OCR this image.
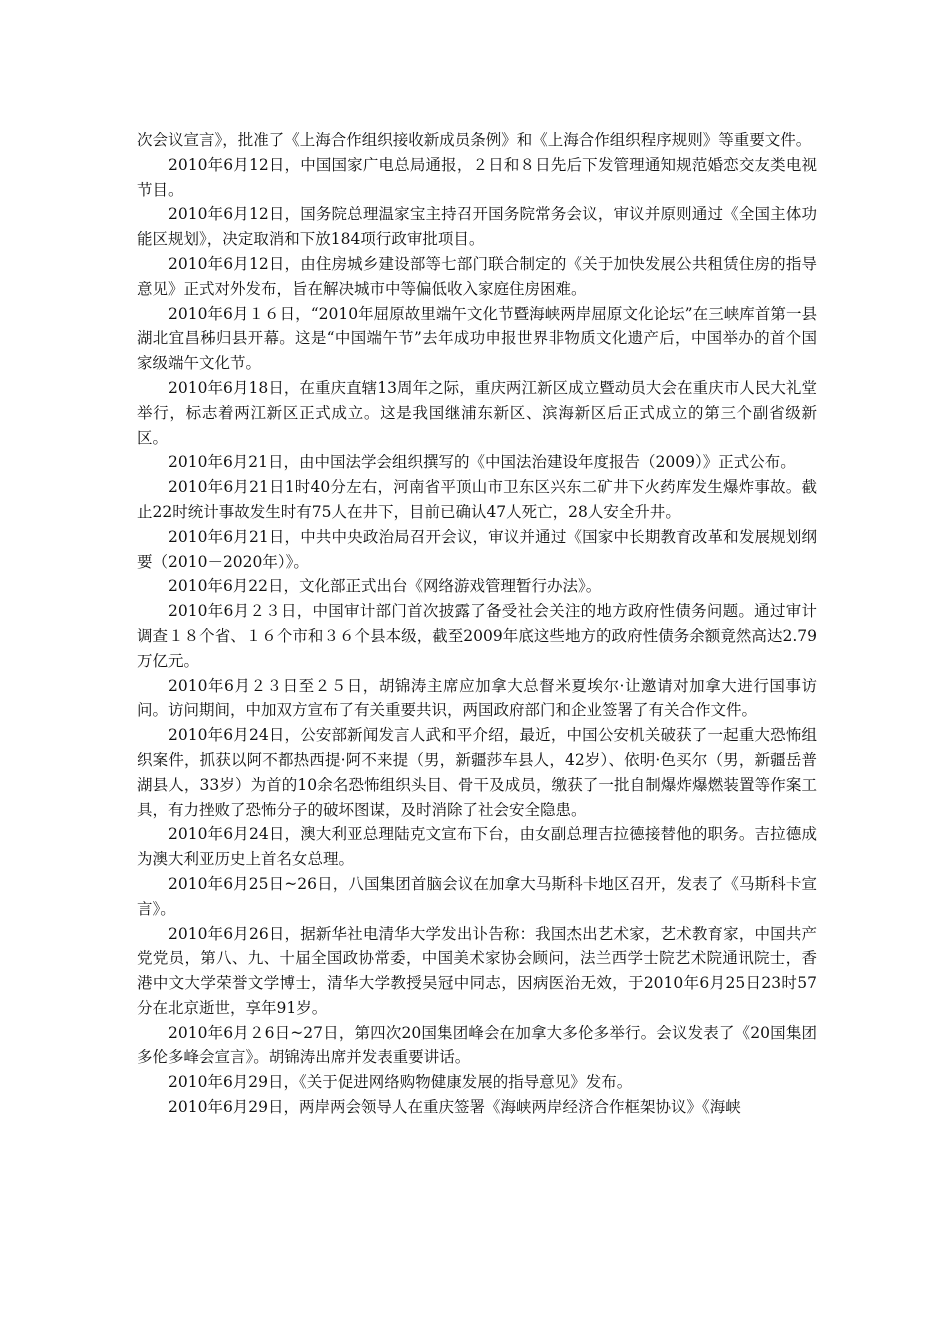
次会议宣言》，批准了《上海合作组织接收新成员条例》和《上海合作组织程序规则》等重要文件。

2010年6月12日，中国国家广电总局通报，２日和８日先后下发管理通知规范婚恋交友类电视节目。

2010年6月12日，国务院总理温家宝主持召开国务院常务会议，审议并原则通过《全国主体功能区规划》，决定取消和下放184项行政审批项目。

2010年6月12日，由住房城乡建设部等七部门联合制定的《关于加快发展公共租赁住房的指导意见》正式对外发布，旨在解决城市中等偏低收入家庭住房困难。

2010年6月１６日，“2010年屈原故里端午文化节暨海峡两岸屈原文化论坛”在三峡库首第一县湖北宜昌秭归县开幕。这是“中国端午节”去年成功申报世界非物质文化遗产后，中国举办的首个国家级端午文化节。

2010年6月18日，在重庆直辖13周年之际，重庆两江新区成立暨动员大会在重庆市人民大礼堂举行，标志着两江新区正式成立。这是我国继浦东新区、滨海新区后正式成立的第三个副省级新区。

2010年6月21日，由中国法学会组织撰写的《中国法治建设年度报告（2009）》正式公布。

2010年6月21日1时40分左右，河南省平顶山市卫东区兴东二矿井下火药库发生爆炸事故。截止22时统计事故发生时有75人在井下，目前已确认47人死亡，28人安全升井。

2010年6月21日，中共中央政治局召开会议，审议并通过《国家中长期教育改革和发展规划纲要（2010－2020年）》。

2010年6月22日，文化部正式出台《网络游戏管理暂行办法》。

2010年6月２３日，中国审计部门首次披露了备受社会关注的地方政府性债务问题。通过审计调查１８个省、１６个市和３６个县本级，截至2009年底这些地方的政府性债务余额竟然高达2.79万亿元。

2010年6月２３日至２５日，胡锦涛主席应加拿大总督米夏埃尔·让邀请对加拿大进行国事访问。访问期间，中加双方宣布了有关重要共识，两国政府部门和企业签署了有关合作文件。

2010年6月24日，公安部新闻发言人武和平介绍，最近，中国公安机关破获了一起重大恐怖组织案件，抓获以阿不都热西提·阿不来提（男，新疆莎车县人，42岁）、依明·色买尔（男，新疆岳普湖县人，33岁）为首的10余名恐怖组织头目、骨干及成员，缴获了一批自制爆炸爆燃装置等作案工具，有力挫败了恐怖分子的破坏图谋，及时消除了社会安全隐患。

2010年6月24日，澳大利亚总理陆克文宣布下台，由女副总理吉拉德接替他的职务。吉拉德成为澳大利亚历史上首名女总理。

2010年6月25日~26日，八国集团首脑会议在加拿大马斯科卡地区召开，发表了《马斯科卡宣言》。

2010年6月26日，据新华社电清华大学发出讣告称：我国杰出艺术家，艺术教育家，中国共产党党员，第八、九、十届全国政协常委，中国美术家协会顾问，法兰西学士院艺术院通讯院士，香港中文大学荣誉文学博士，清华大学教授吴冠中同志，因病医治无效，于2010年6月25日23时57分在北京逝世，享年91岁。

2010年6月２6日~27日，第四次20国集团峰会在加拿大多伦多举行。会议发表了《20国集团多伦多峰会宣言》。胡锦涛出席并发表重要讲话。

2010年6月29日，《关于促进网络购物健康发展的指导意见》发布。

2010年6月29日，两岸两会领导人在重庆签署《海峡两岸经济合作框架协议》《海峡
